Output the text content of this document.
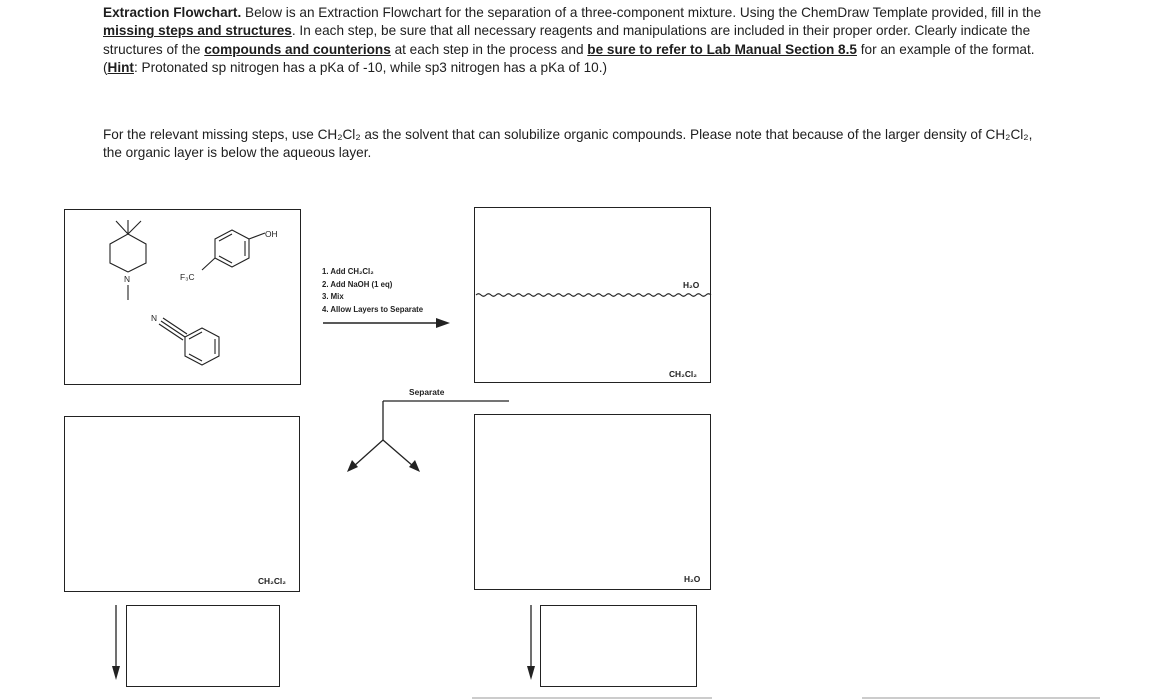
Extraction Flowchart. Below is an Extraction Flowchart for the separation of a three-component mixture. Using the ChemDraw Template provided, fill in the missing steps and structures. In each step, be sure that all necessary reagents and manipulations are included in their proper order. Clearly indicate the structures of the compounds and counterions at each step in the process and be sure to refer to Lab Manual Section 8.5 for an example of the format. (Hint: Protonated sp nitrogen has a pKa of -10, while sp3 nitrogen has a pKa of 10.)
For the relevant missing steps, use CH₂Cl₂ as the solvent that can solubilize organic compounds. Please note that because of the larger density of CH₂Cl₂, the organic layer is below the aqueous layer.
N
N
OH
F₃C
1. Add CH₂Cl₂
2. Add NaOH (1 eq)
3. Mix
4. Allow Layers to Separate
H₂O
CH₂Cl₂
Separate
CH₂Cl₂	H₂O
